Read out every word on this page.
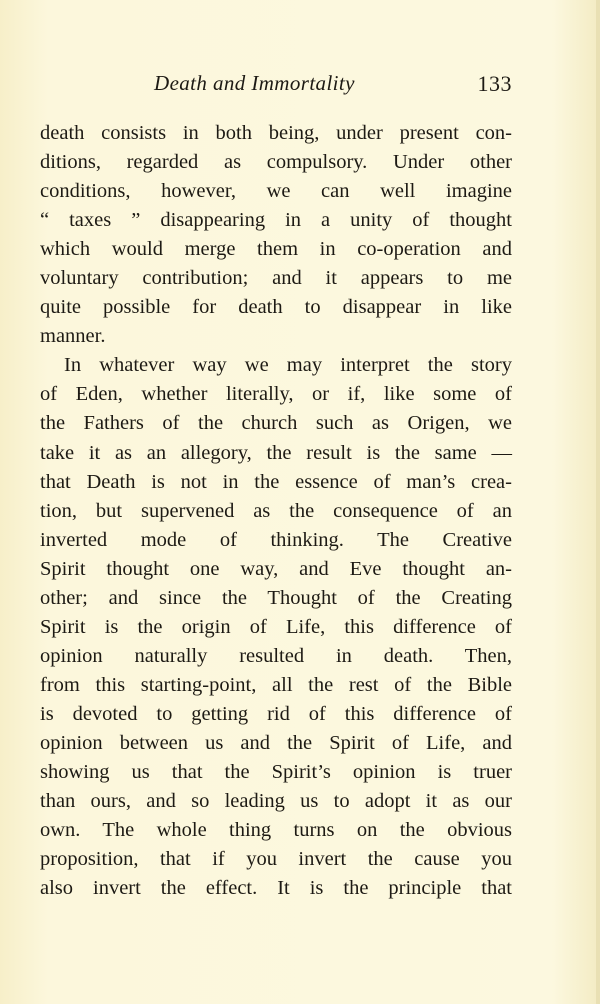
Death and Immortality	133
death consists in both being, under present con-
ditions, regarded as compulsory. Under other
conditions, however, we can well imagine
“ taxes ” disappearing in a unity of thought
which would merge them in co-operation and
voluntary contribution; and it appears to me
quite possible for death to disappear in like
manner.
In whatever way we may interpret the story
of Eden, whether literally, or if, like some of
the Fathers of the church such as Origen, we
take it as an allegory, the result is the same —
that Death is not in the essence of man’s crea-
tion, but supervened as the consequence of an
inverted mode of thinking. The Creative
Spirit thought one way, and Eve thought an-
other; and since the Thought of the Creating
Spirit is the origin of Life, this difference of
opinion naturally resulted in death. Then,
from this starting-point, all the rest of the Bible
is devoted to getting rid of this difference of
opinion between us and the Spirit of Life, and
showing us that the Spirit’s opinion is truer
than ours, and so leading us to adopt it as our
own. The whole thing turns on the obvious
proposition, that if you invert the cause you
also invert the effect. It is the principle that
